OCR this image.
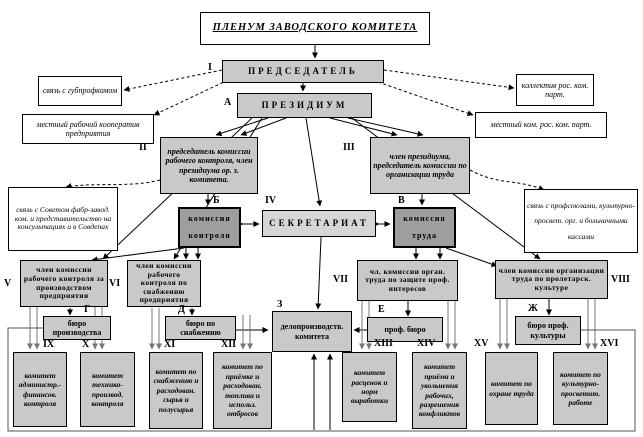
ПЛЕНУМ ЗАВОДСКОГО КОМИТЕТА
ПРЕДСЕДАТЕЛЬ
ПРЕЗИДИУМ
связь с губпрофкомом
местный рабочий кооператив предприятия
коллектив рос. ком. парт.
местный ком. рос. ком. парт.
председатель комиссии рабочего контроля, член президиума ор. з. комитета.
член президиума, председатель комиссии по организации труда
комиссия контроля
СЕКРЕТАРИАТ
комиссия труда
связь с Советом фабр-завод. ком. и представительство на консультациях и в Совдепах
связь с профсоюзами, культурно-просвет. орг. и больничными кассами
член комиссии рабочего контроля за производством предприятия
член комиссии рабочего контроля по снабжению предприятия
чл. комиссии орган. труда по защите проф. интересов
член комиссии организации труда по пролетарск. культуре
бюро производства
бюро по снабжению	проф. бюро	бюро проф. культуры
делопроизводств. комитета
комитет администр.- финансов. контроля
комитет технико- производ. контроля
комитет по снабжению и расходован. сырья и полусырья
комитет по приёмке и расходован. топлива и использ. отбросов
комитет расценок и норм выработки
комитет приёма и увольнения рабочих, разрешения конфликтов
комитет по охране труда
комитет по культурно- просветит. работе
I
А
II	III
Б	IV	В
V	VI	VII	VIII
Г	Д	Е	Ж
З
IX	X	XI	XII	XIII XIV	XV	XVI
